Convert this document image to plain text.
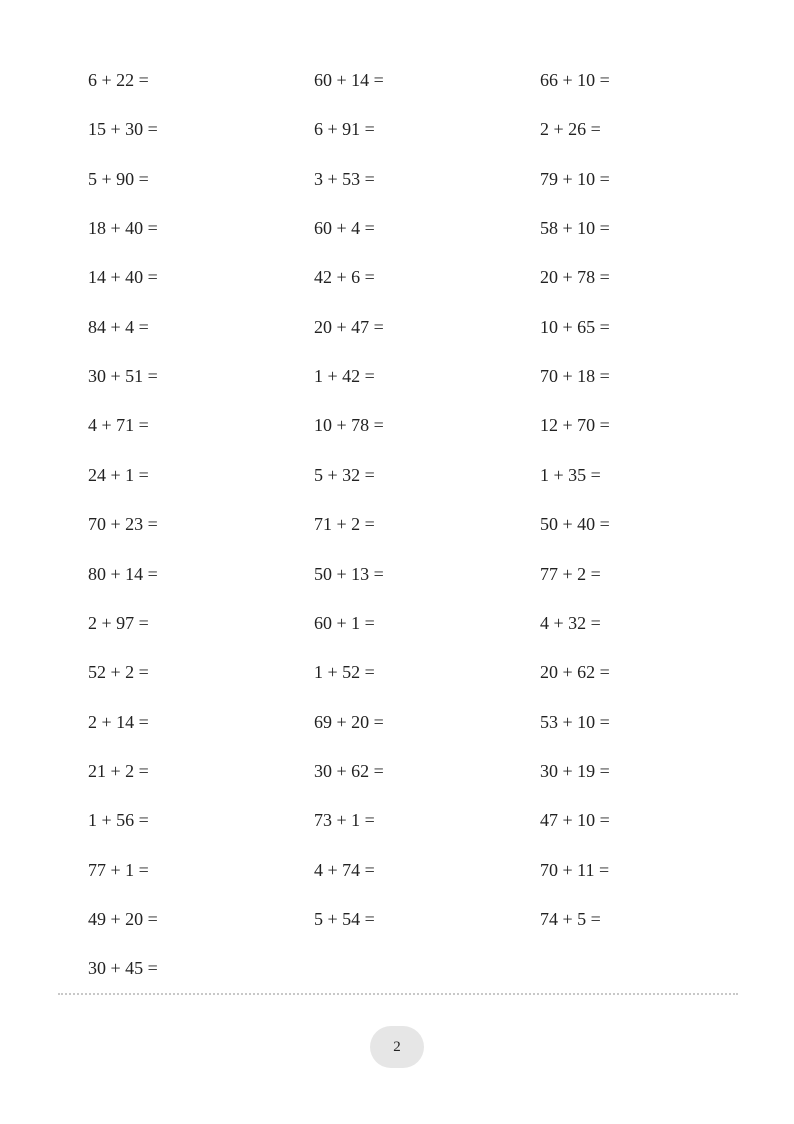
6 + 22 =
15 + 30 =
5 + 90 =
18 + 40 =
14 + 40 =
84 + 4 =
30 + 51 =
4 + 71 =
24 + 1 =
70 + 23 =
80 + 14 =
2 + 97 =
52 + 2 =
2 + 14 =
21 + 2 =
1 + 56 =
77 + 1 =
49 + 20 =
30 + 45 =
60 + 14 =
6 + 91 =
3 + 53 =
60 + 4 =
42 + 6 =
20 + 47 =
1 + 42 =
10 + 78 =
5 + 32 =
71 + 2 =
50 + 13 =
60 + 1 =
1 + 52 =
69 + 20 =
30 + 62 =
73 + 1 =
4 + 74 =
5 + 54 =
66 + 10 =
2 + 26 =
79 + 10 =
58 + 10 =
20 + 78 =
10 + 65 =
70 + 18 =
12 + 70 =
1 + 35 =
50 + 40 =
77 + 2 =
4 + 32 =
20 + 62 =
53 + 10 =
30 + 19 =
47 + 10 =
70 + 11 =
74 + 5 =
2
